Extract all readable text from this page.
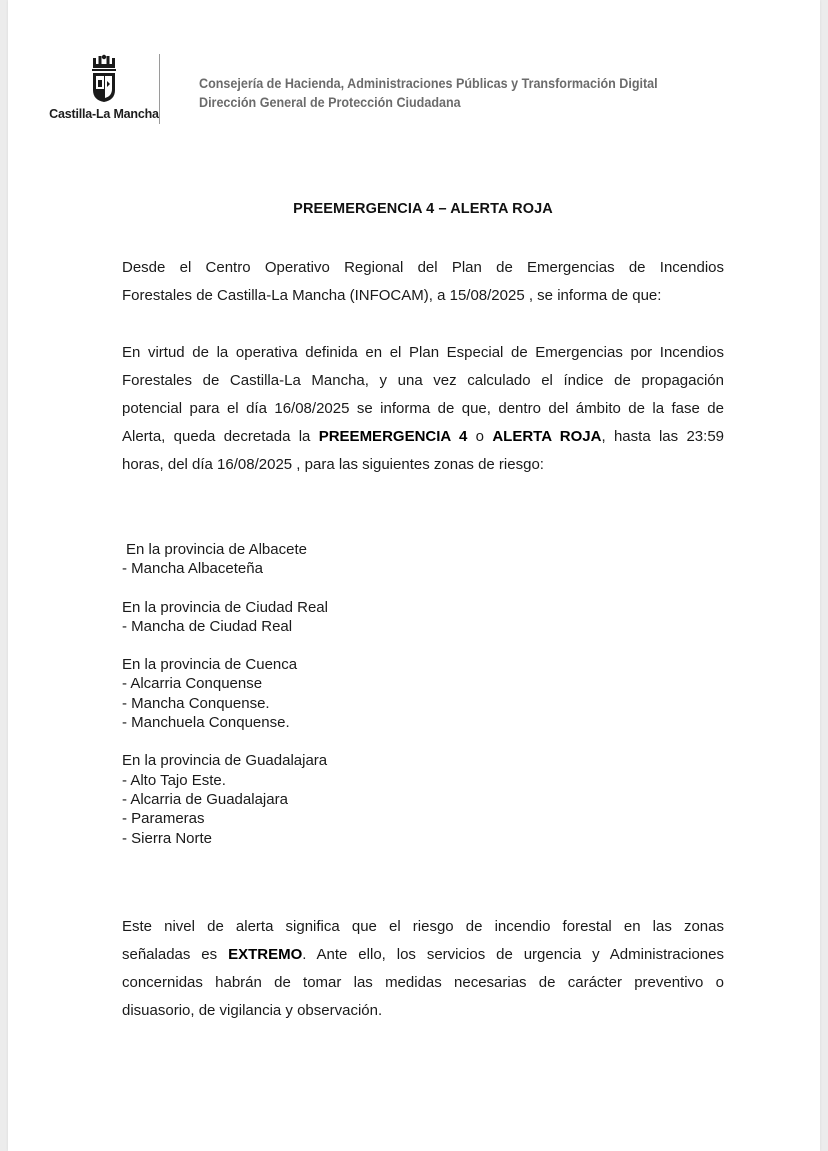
Castilla-La Mancha
Consejería de Hacienda, Administraciones Públicas y Transformación Digital
Dirección General de Protección Ciudadana
PREEMERGENCIA 4 – ALERTA ROJA
Desde el Centro Operativo Regional del Plan de Emergencias de Incendios
Forestales de Castilla-La Mancha (INFOCAM), a 15/08/2025 , se informa de que:
En virtud de la operativa definida en el Plan Especial de Emergencias por Incendios
Forestales de Castilla-La Mancha, y una vez calculado el índice de propagación
potencial para el día 16/08/2025 se informa de que, dentro del ámbito de la fase de
Alerta, queda decretada la PREEMERGENCIA 4 o ALERTA ROJA, hasta las 23:59
horas, del día 16/08/2025 , para las siguientes zonas de riesgo:
En la provincia de Albacete
- Mancha Albaceteña
En la provincia de Ciudad Real
- Mancha de Ciudad Real
En la provincia de Cuenca
- Alcarria Conquense
- Mancha Conquense.
- Manchuela Conquense.
En la provincia de Guadalajara
- Alto Tajo Este.
- Alcarria de Guadalajara
- Parameras
- Sierra Norte
Este nivel de alerta significa que el riesgo de incendio forestal en las zonas
señaladas es EXTREMO. Ante ello, los servicios de urgencia y Administraciones
concernidas habrán de tomar las medidas necesarias de carácter preventivo o
disuasorio, de vigilancia y observación.
